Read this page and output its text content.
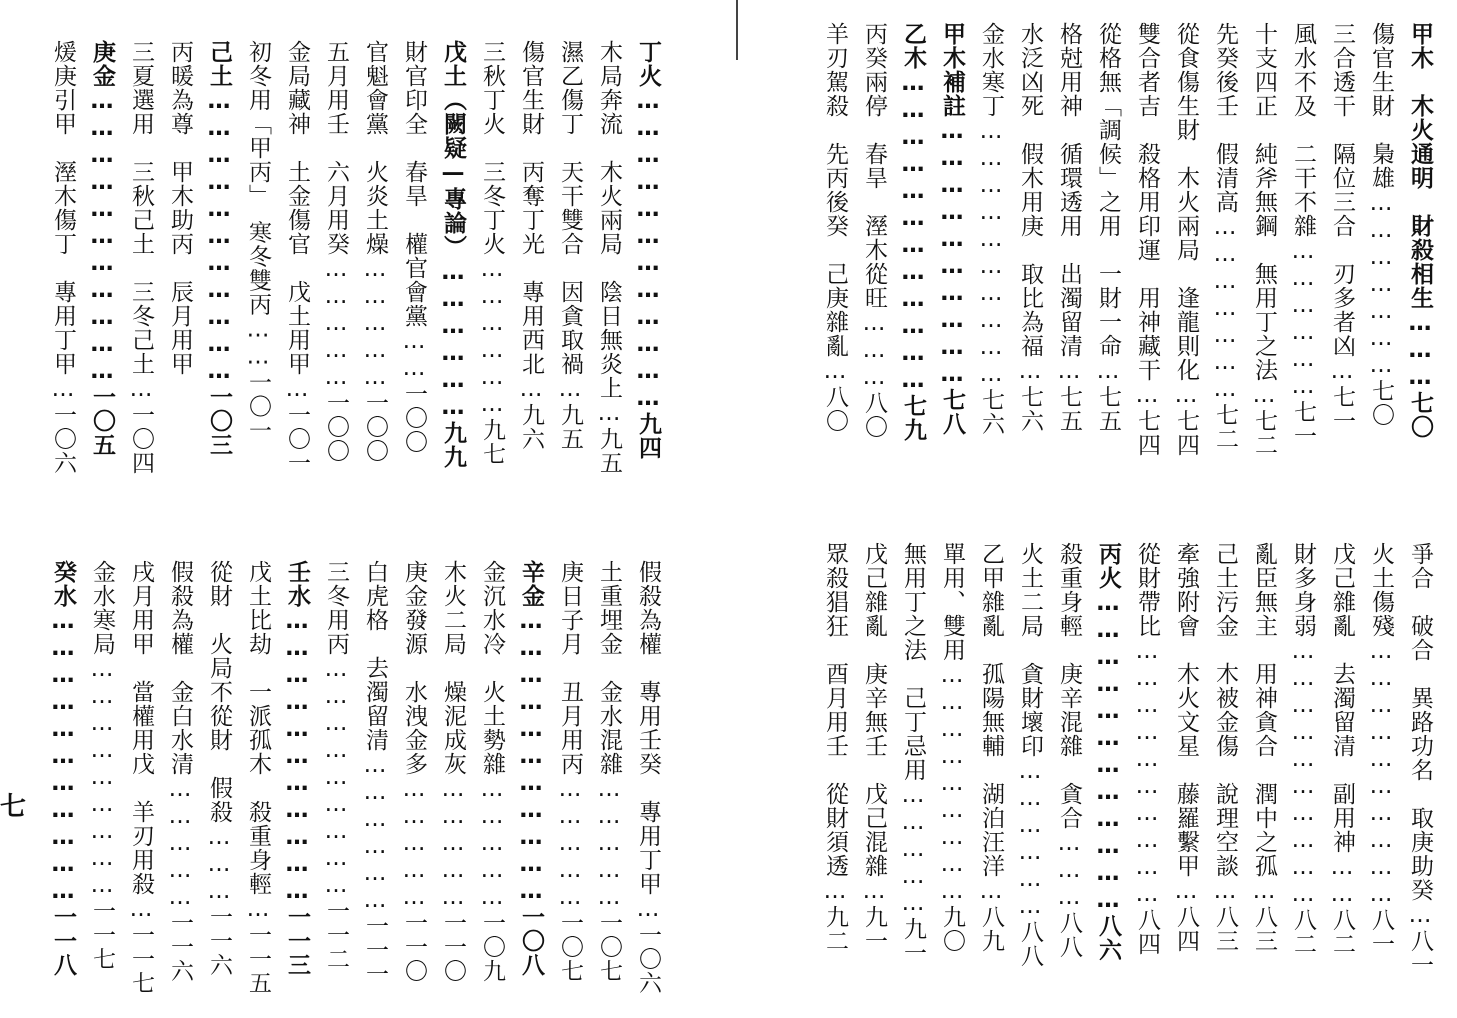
甲木　木火通明　財殺相生………七〇
傷官生財　梟雄…………………七〇
三合透干　隔位三合　刃多者凶…七一
風水不及　二干不雜………………七一
十支四正　純斧無鋼　無用丁之法…七二
先癸後壬　假清高…………………七二
從食傷生財　木火兩局　逢龍則化…七四
雙合者吉　殺格用印運　用神藏干…七四
從格無「調候」之用　一財一命…七五
格尅用神　循環透用　出濁留清…七五
水泛凶死　假木用庚　取比為福…七六
金水寒丁…………………………七六
甲木補註…………………………七八
乙木………………………………七九
丙癸兩停　春旱　溼木從旺………八〇
羊刃駕殺　先丙後癸　己庚雜亂…八〇
爭合　破合　異路功名　取庚助癸…八一
火土傷殘…………………………八一
戊己雜亂　去濁留清　副用神……八二
財多身弱…………………………八二
亂臣無主　用神貪合　潤中之孤…八三
己土污金　木被金傷　說理空談…八三
牽強附會　木火文星　藤羅繫甲…八四
從財帶比…………………………八四
丙火………………………………八六
殺重身輕　庚辛混雜　貪合………八八
火土二局　貪財壞印………………八八
乙甲雜亂　孤陽無輔　湖泊汪洋…八九
單用、雙用………………………九〇
無用丁之法　己丁忌用……………九一
戊己雜亂　庚辛無壬　戊己混雜…九一
眾殺猖狂　酉月用壬　從財須透…九二
丁火………………………………九四
木局奔流　木火兩局　陰日無炎上…九五
濕乙傷丁　天干雙合　因貪取禍…九五
傷官生財　丙奪丁光　專用西北…九六
三秋丁火　三冬丁火………………九七
戊土（闕疑—專論）………………九九
財官印全　春旱　權官會黨……一〇〇
官魁會黨　火炎土燥……………一〇〇
五月用壬　六月用癸……………一〇〇
金局藏神　土金傷官　戊土用甲…一〇一
初冬用「甲丙」　寒冬雙丙……一〇一
己土……………………………一〇三
丙暖為尊　甲木助丙　辰月用甲
三夏選用　三秋己土　三冬己土…一〇四
庚金……………………………一〇五
煖庚引甲　溼木傷丁　專用丁甲…一〇六
假殺為權　專用壬癸　專用丁甲…一〇六
土重埋金　金水混雜……………一〇七
庚日子月　丑月用丙……………一〇七
辛金……………………………一〇八
金沉水冷　火土勢雜……………一〇九
木火二局　燥泥成灰……………一一〇
庚金發源　水洩金多……………一一〇
白虎格　去濁留清………………一一一
三冬用丙………………………一一二
壬水……………………………一一三
戊土比劫　一派孤木　殺重身輕…一一五
從財　火局不從財　假殺………一一六
假殺為權　金白水清……………一一六
戌月用甲　當權用戊　羊刃用殺…一一七
金水寒局………………………一一七
癸水……………………………一一八
七
